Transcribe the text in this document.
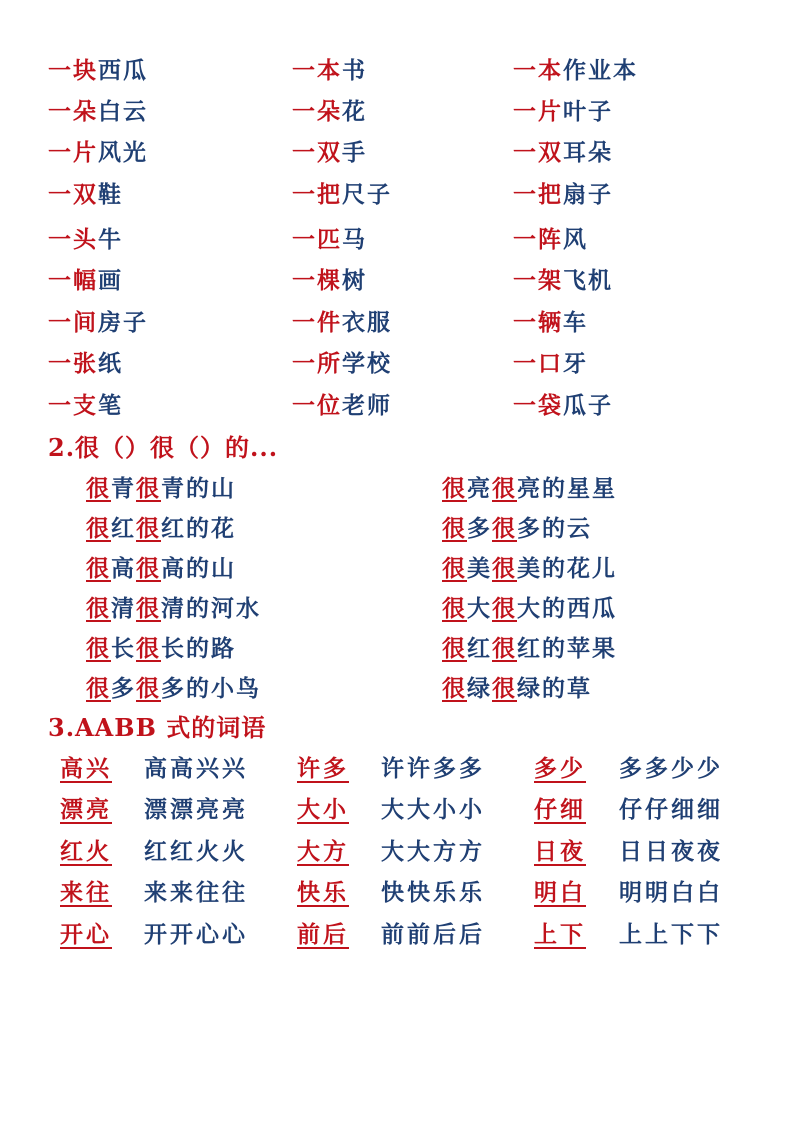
一块西瓜	一本书	一本作业本
一朵白云	一朵花	一片叶子
一片风光	一双手	一双耳朵
一双鞋	一把尺子	一把扇子
一头牛	一匹马	一阵风
一幅画	一棵树	一架飞机
一间房子	一件衣服	一辆车
一张纸	一所学校	一口牙
一支笔	一位老师	一袋瓜子
2.很（）很（）的...
很青很青的山	很亮很亮的星星
很红很红的花	很多很多的云
很高很高的山	很美很美的花儿
很清很清的河水	很大很大的西瓜
很长很长的路	很红很红的苹果
很多很多的小鸟	很绿很绿的草
3.AABB 式的词语
高兴 高高兴兴 许多 许许多多 多少 多多少少
漂亮 漂漂亮亮 大小 大大小小 仔细 仔仔细细
红火 红红火火 大方 大大方方 日夜 日日夜夜
来往 来来往往 快乐 快快乐乐 明白 明明白白
开心 开开心心 前后 前前后后 上下 上上下下
